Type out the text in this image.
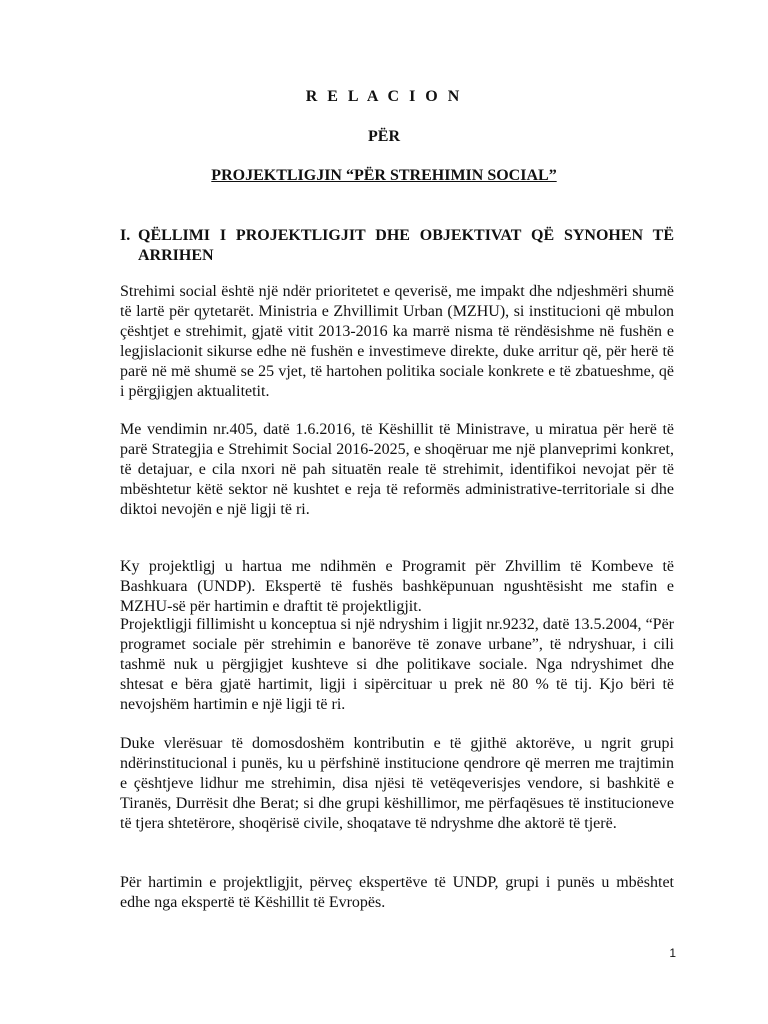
R E L A C I O N

PËR

PROJEKTLIGJIN “PËR STREHIMIN SOCIAL”

I. QËLLIMI I PROJEKTLIGJIT DHE OBJEKTIVAT QË SYNOHEN TË ARRIHEN

Strehimi social është një ndër prioritetet e qeverisë, me impakt dhe ndjeshmëri shumë të lartë për qytetarët. Ministria e Zhvillimit Urban (MZHU), si institucioni që mbulon çështjet e strehimit, gjatë vitit 2013-2016 ka marrë nisma të rëndësishme në fushën e legjislacionit sikurse edhe në fushën e investimeve direkte, duke arritur që, për herë të parë në më shumë se 25 vjet, të hartohen politika sociale konkrete e të zbatueshme, që i përgjigjen aktualitetit.

Me vendimin nr.405, datë 1.6.2016, të Këshillit të Ministrave, u miratua për herë të parë Strategjia e Strehimit Social 2016-2025, e shoqëruar me një planveprimi konkret, të detajuar, e cila nxori në pah situatën reale të strehimit, identifikoi nevojat për të mbështetur këtë sektor në kushtet e reja të reformës administrative-territoriale si dhe diktoi nevojën e një ligji të ri.

Ky projektligj u hartua me ndihmën e Programit për Zhvillim të Kombeve të Bashkuara (UNDP). Ekspertë të fushës bashkëpunuan ngushtësisht me stafin e MZHU-së për hartimin e draftit të projektligjit.

Projektligji fillimisht u konceptua si një ndryshim i ligjit nr.9232, datë 13.5.2004, “Për programet sociale për strehimin e banorëve të zonave urbane”, të ndryshuar, i cili tashmë nuk u përgjigjet kushteve si dhe politikave sociale. Nga ndryshimet dhe shtesat e bëra gjatë hartimit, ligji i sipërcituar u prek në 80 % të tij. Kjo bëri të nevojshëm hartimin e një ligji të ri.

Duke vlerësuar të domosdoshëm kontributin e të gjithë aktorëve, u ngrit grupi ndërinstitucional i punës, ku u përfshinë institucione qendrore që merren me trajtimin e çështjeve lidhur me strehimin, disa njësi të vetëqeverisjes vendore, si bashkitë e Tiranës, Durrësit dhe Berat; si dhe grupi këshillimor, me përfaqësues të institucioneve të tjera shtetërore, shoqërisë civile, shoqatave të ndryshme dhe aktorë të tjerë.

Për hartimin e projektligjit, përveç ekspertëve të UNDP, grupi i punës u mbështet edhe nga ekspertë të Këshillit të Evropës.

1
